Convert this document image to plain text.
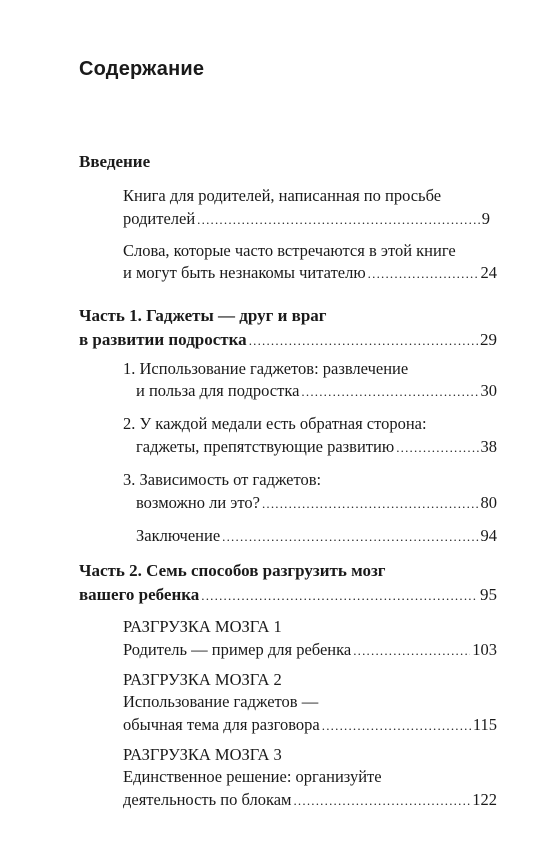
Содержание
Введение
Книга для родителей, написанная по просьбе
родителей .....	9
Слова, которые часто встречаются в этой книге
и могут быть незнакомы читателю .....	24
Часть 1. Гаджеты — друг и враг
в развитии подростка .....	29
1. Использование гаджетов: развлечение
и польза для подростка .....	30
2. У каждой медали есть обратная сторона:
гаджеты, препятствующие развитию .....	38
3. Зависимость от гаджетов:
возможно ли это? .....	80
Заключение .....	94
Часть 2. Семь способов разгрузить мозг
вашего ребенка .....	95
РАЗГРУЗКА МОЗГА 1
Родитель — пример для ребенка .....	103
РАЗГРУЗКА МОЗГА 2
Использование гаджетов —
обычная тема для разговора .....	115
РАЗГРУЗКА МОЗГА 3
Единственное решение: организуйте
деятельность по блокам .....	122
